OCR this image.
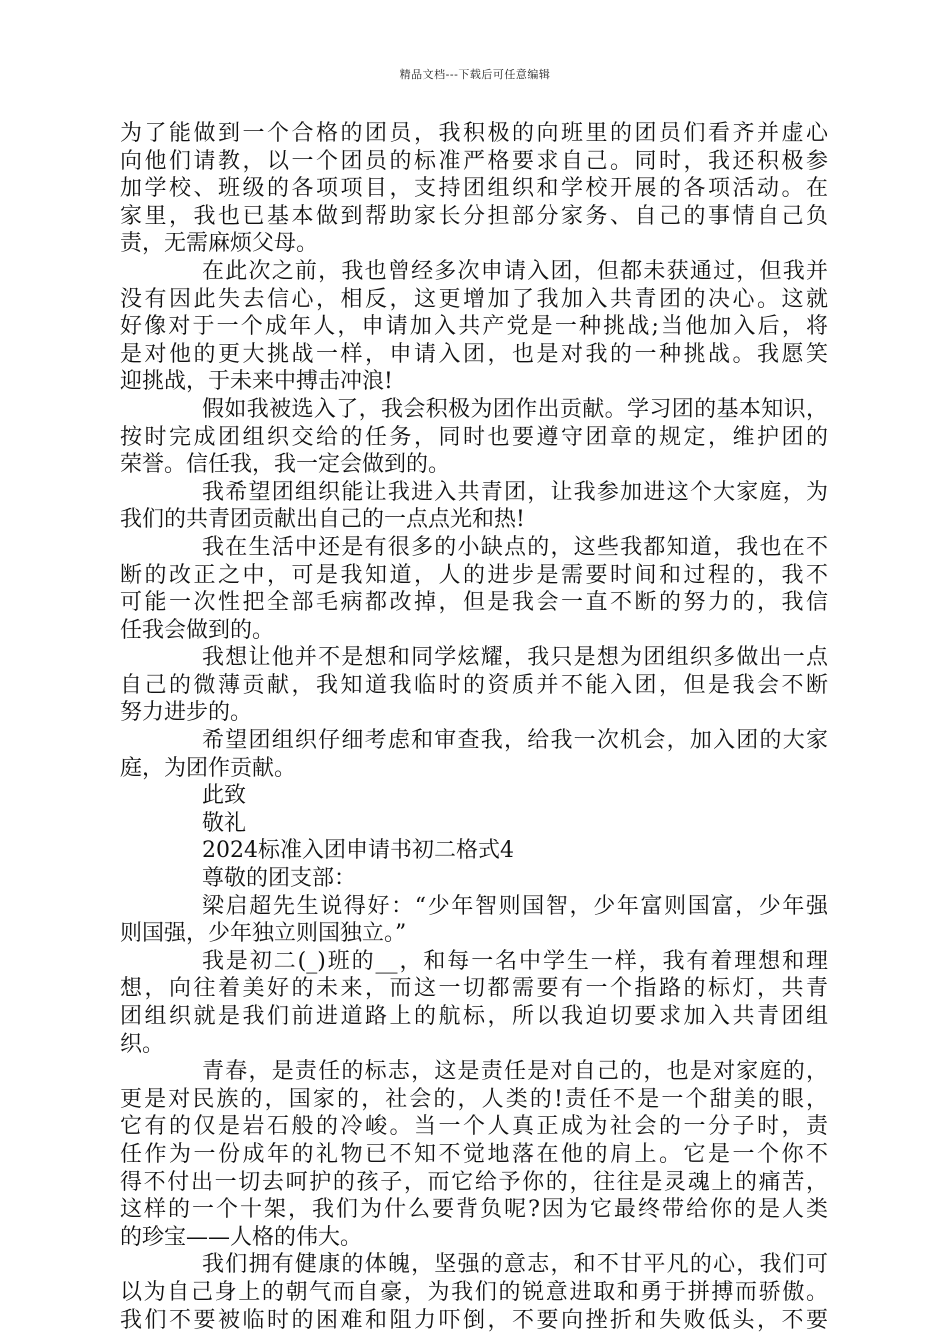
精品文档---下载后可任意编辑

为了能做到一个合格的团员，我积极的向班里的团员们看齐并虚心
向他们请教，以一个团员的标准严格要求自己。同时，我还积极参
加学校、班级的各项项目，支持团组织和学校开展的各项活动。在
家里，我也已基本做到帮助家长分担部分家务、自己的事情自己负
责，无需麻烦父母。

在此次之前，我也曾经多次申请入团，但都未获通过，但我并
没有因此失去信心，相反，这更增加了我加入共青团的决心。这就
好像对于一个成年人，申请加入共产党是一种挑战;当他加入后，将
是对他的更大挑战一样，申请入团，也是对我的一种挑战。我愿笑
迎挑战，于未来中搏击冲浪!

假如我被选入了，我会积极为团作出贡献。学习团的基本知识，
按时完成团组织交给的任务，同时也要遵守团章的规定，维护团的
荣誉。信任我，我一定会做到的。

我希望团组织能让我进入共青团，让我参加进这个大家庭，为
我们的共青团贡献出自己的一点点光和热!

我在生活中还是有很多的小缺点的，这些我都知道，我也在不
断的改正之中，可是我知道，人的进步是需要时间和过程的，我不
可能一次性把全部毛病都改掉，但是我会一直不断的努力的，我信
任我会做到的。

我想让他并不是想和同学炫耀，我只是想为团组织多做出一点
自己的微薄贡献，我知道我临时的资质并不能入团，但是我会不断
努力进步的。

希望团组织仔细考虑和审查我，给我一次机会，加入团的大家
庭，为团作贡献。

此致

敬礼

2024标准入团申请书初二格式4

尊敬的团支部：

梁启超先生说得好：“少年智则国智，少年富则国富，少年强
则国强，少年独立则国独立。”

我是初二(_)班的__，和每一名中学生一样，我有着理想和理
想，向往着美好的未来，而这一切都需要有一个指路的标灯，共青
团组织就是我们前进道路上的航标，所以我迫切要求加入共青团组
织。

青春，是责任的标志，这是责任是对自己的，也是对家庭的，
更是对民族的，国家的，社会的，人类的!责任不是一个甜美的眼，
它有的仅是岩石般的冷峻。当一个人真正成为社会的一分子时，责
任作为一份成年的礼物已不知不觉地落在他的肩上。它是一个你不
得不付出一切去呵护的孩子，而它给予你的，往往是灵魂上的痛苦，
这样的一个十架，我们为什么要背负呢?因为它最终带给你的是人类
的珍宝——人格的伟大。

我们拥有健康的体魄，坚强的意志，和不甘平凡的心，我们可
以为自己身上的朝气而自豪，为我们的锐意进取和勇于拼搏而骄傲。
我们不要被临时的困难和阻力吓倒，不要向挫折和失败低头，不要
